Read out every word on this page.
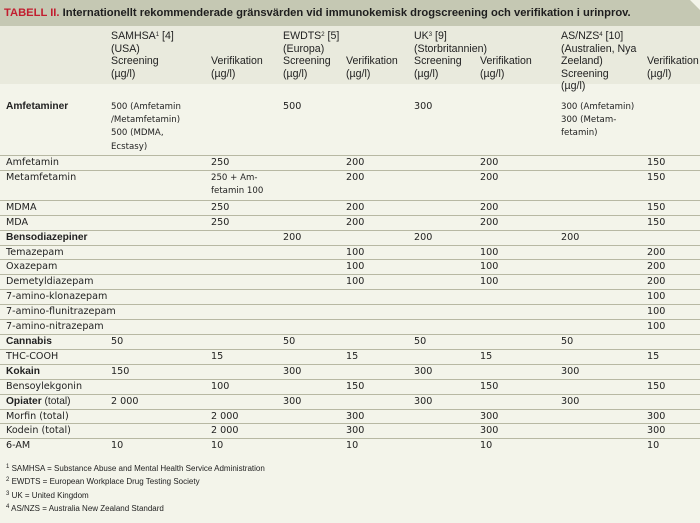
TABELL II. Internationellt rekommenderade gränsvärden vid immunokemisk drogscreening och verifikation i urinprov.
	SAMHSA$^1$ [4]
(USA)
Screening
(µg/l)	Verifikation
(µg/l)	EWDTS$^2$ [5]
(Europa)
Screening
(µg/l)	Verifikation
(µg/l)	$UK^3$ [9]
(Storbritannien)
Screening
(µg/l)	Verifikation
(µg/l)	AS/NZS$^4$ [10]
(Australien, Nya Zeeland)
Screening
(µg/l)	Verifikation
(µg/l)

Amfetaminer	500 (Amfetamin
/Metamfetamin)
500 (MDMA,
Ecstasy)		500		300		300 (Amfetamin)
300 (Metam-
fetamin)	

Amfetamin		250		200		200		150
Metamfetamin		250 + Am-
fetamin 100		200		200		150
MDMA		250		200		200		150
MDA		250		200		200		150
Bensodiazepiner			200		200		200	
Temazepam				100		100		200
Oxazepam				100		100		200
Demetyldiazepam				100		100		200
7-amino-klonazepam								100
7-amino-flunitrazepam								100
7-amino-nitrazepam								100
Cannabis	50		50		50		50	
THC-COOH		15		15		15		15
Kokain	150		300		300		300	
Bensoylekgonin		100		150		150		150
Opiater (total)	2 000		300		300		300	
Morfin (total)		2 000		300		300		300
Kodein (total)		2 000		300		300		300
6-AM	10	10		10		10		10
$^1$ SAMHSA = Substance Abuse and Mental Health Service Administration
$^2$ EWDTS = European Workplace Drug Testing Society
$^3$ UK = United Kingdom
$^4$ AS/NZS = Australia New Zealand Standard
